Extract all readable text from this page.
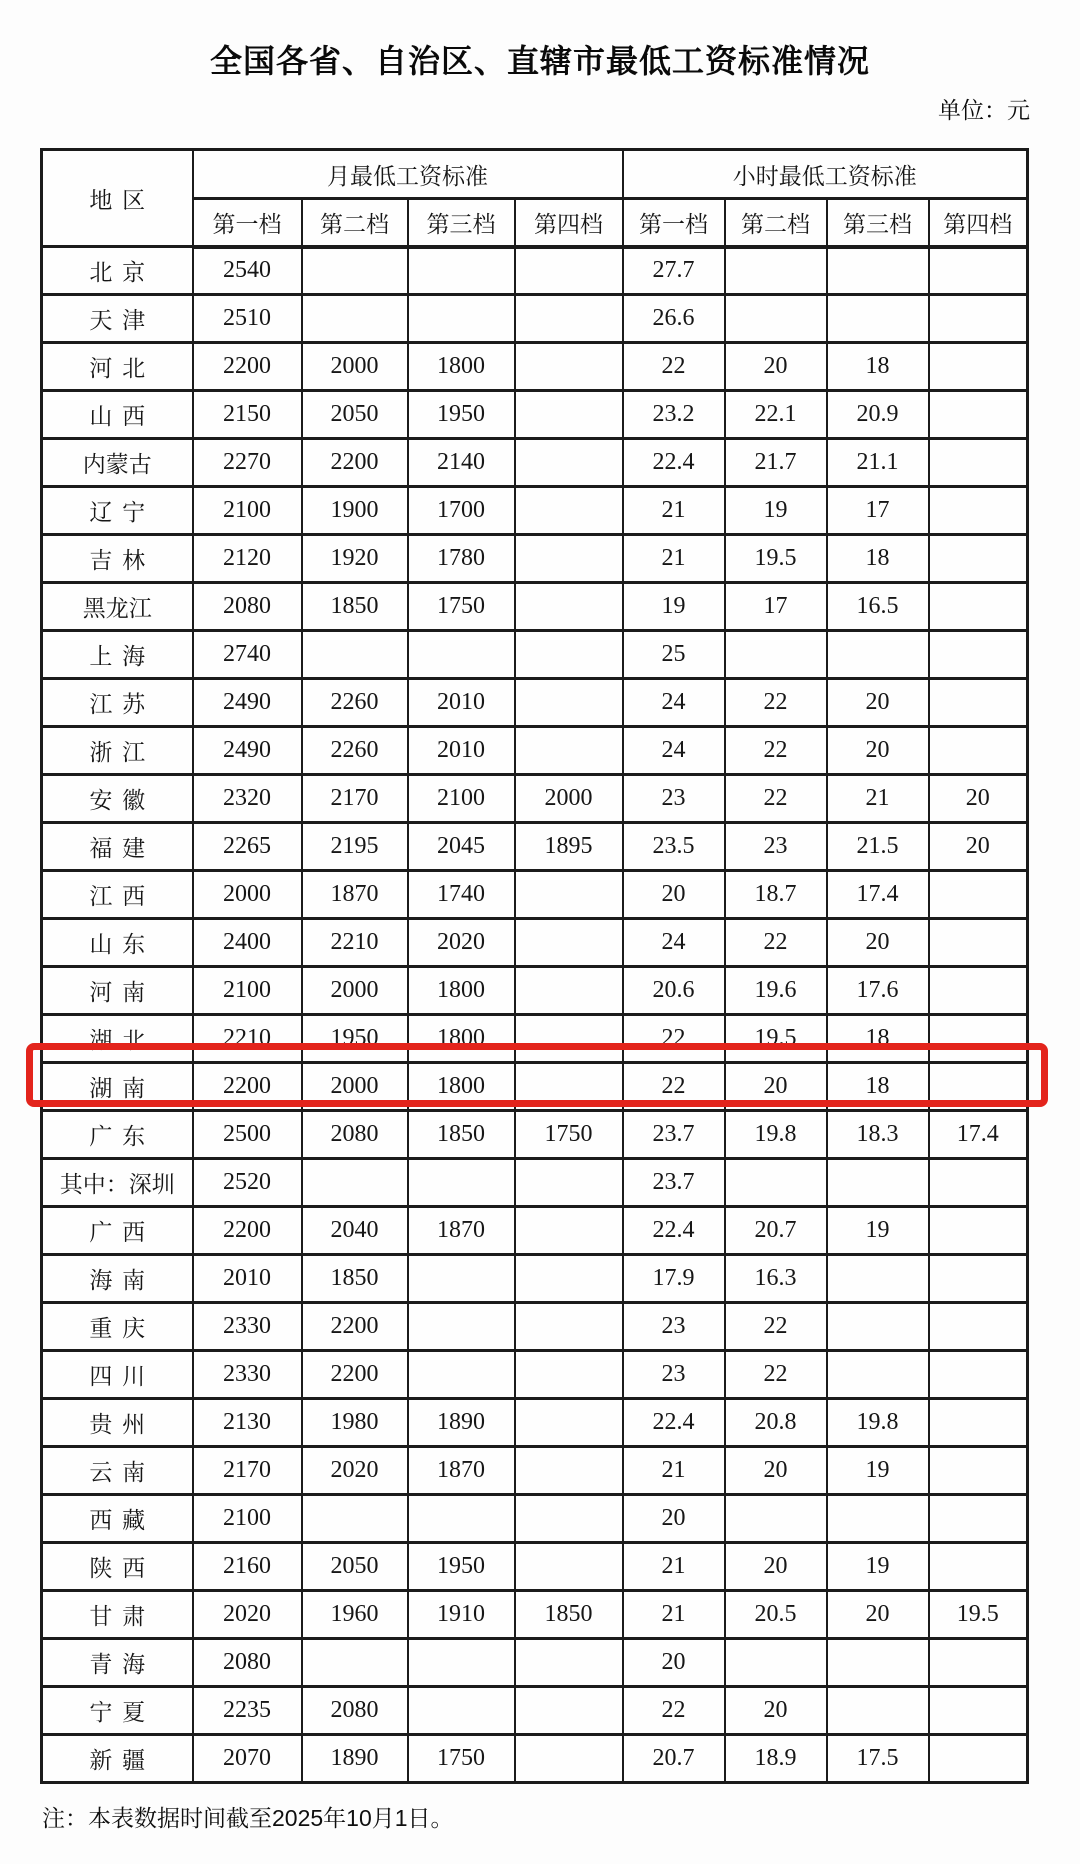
全国各省、自治区、直辖市最低工资标准情况
单位：元
地区	月最低工资标准				小时最低工资标准			
	第一档	第二档	第三档	第四档	第一档	第二档	第三档	第四档
北京	2540				27.7			
天津	2510				26.6			
河北	2200	2000	1800		22	20	18	
山西	2150	2050	1950		23.2	22.1	20.9	
内蒙古	2270	2200	2140		22.4	21.7	21.1	
辽宁	2100	1900	1700		21	19	17	
吉林	2120	1920	1780		21	19.5	18	
黑龙江	2080	1850	1750		19	17	16.5	
上海	2740				25			
江苏	2490	2260	2010		24	22	20	
浙江	2490	2260	2010		24	22	20	
安徽	2320	2170	2100	2000	23	22	21	20
福建	2265	2195	2045	1895	23.5	23	21.5	20
江西	2000	1870	1740		20	18.7	17.4	
山东	2400	2210	2020		24	22	20	
河南	2100	2000	1800		20.6	19.6	17.6	
湖北	2210	1950	1800		22	19.5	18	
湖南	2200	2000	1800		22	20	18	
广东	2500	2080	1850	1750	23.7	19.8	18.3	17.4
其中：深圳	2520				23.7			
广西	2200	2040	1870		22.4	20.7	19	
海南	2010	1850			17.9	16.3		
重庆	2330	2200			23	22		
四川	2330	2200			23	22		
贵州	2130	1980	1890		22.4	20.8	19.8	
云南	2170	2020	1870		21	20	19	
西藏	2100				20			
陕西	2160	2050	1950		21	20	19	
甘肃	2020	1960	1910	1850	21	20.5	20	19.5
青海	2080				20			
宁夏	2235	2080			22	20		
新疆	2070	1890	1750		20.7	18.9	17.5	
注：本表数据时间截至2025年10月1日。
